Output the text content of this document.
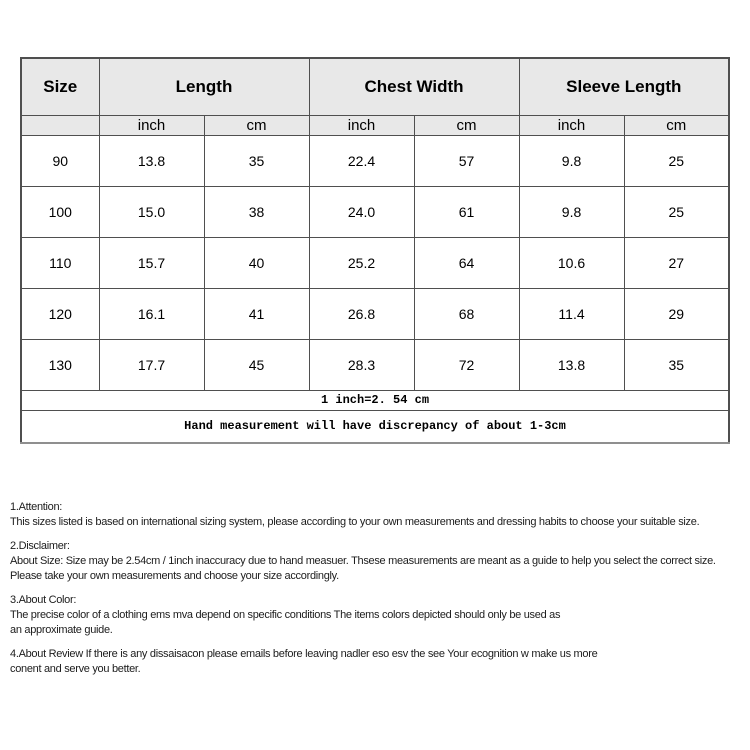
Size	Length		Chest Width		Sleeve Length	
	inch	cm	inch	cm	inch	cm
90	13.8	35	22.4	57	9.8	25
100	15.0	38	24.0	61	9.8	25
110	15.7	40	25.2	64	10.6	27
120	16.1	41	26.8	68	11.4	29
130	17.7	45	28.3	72	13.8	35
1 inch=2. 54 cm						
Hand measurement will have discrepancy of about 1-3cm						
1.Attention:
This sizes listed is based on international sizing system, please according to your own measurements and dressing habits to choose your suitable size.
2.Disclaimer:
About Size: Size may be 2.54cm / 1inch inaccuracy due to hand measuer. Thsese measurements are meant as a guide to help you select the correct size.
Please take your own measurements and choose your size accordingly.
3.About Color:
The precise color of a clothing ems mva depend on specific conditions The items colors depicted should only be used as
an approximate guide.
4.About Review If there is any dissaisacon please emails before leaving nadler eso esv the see Your ecognition w make us more
conent and serve you better.
